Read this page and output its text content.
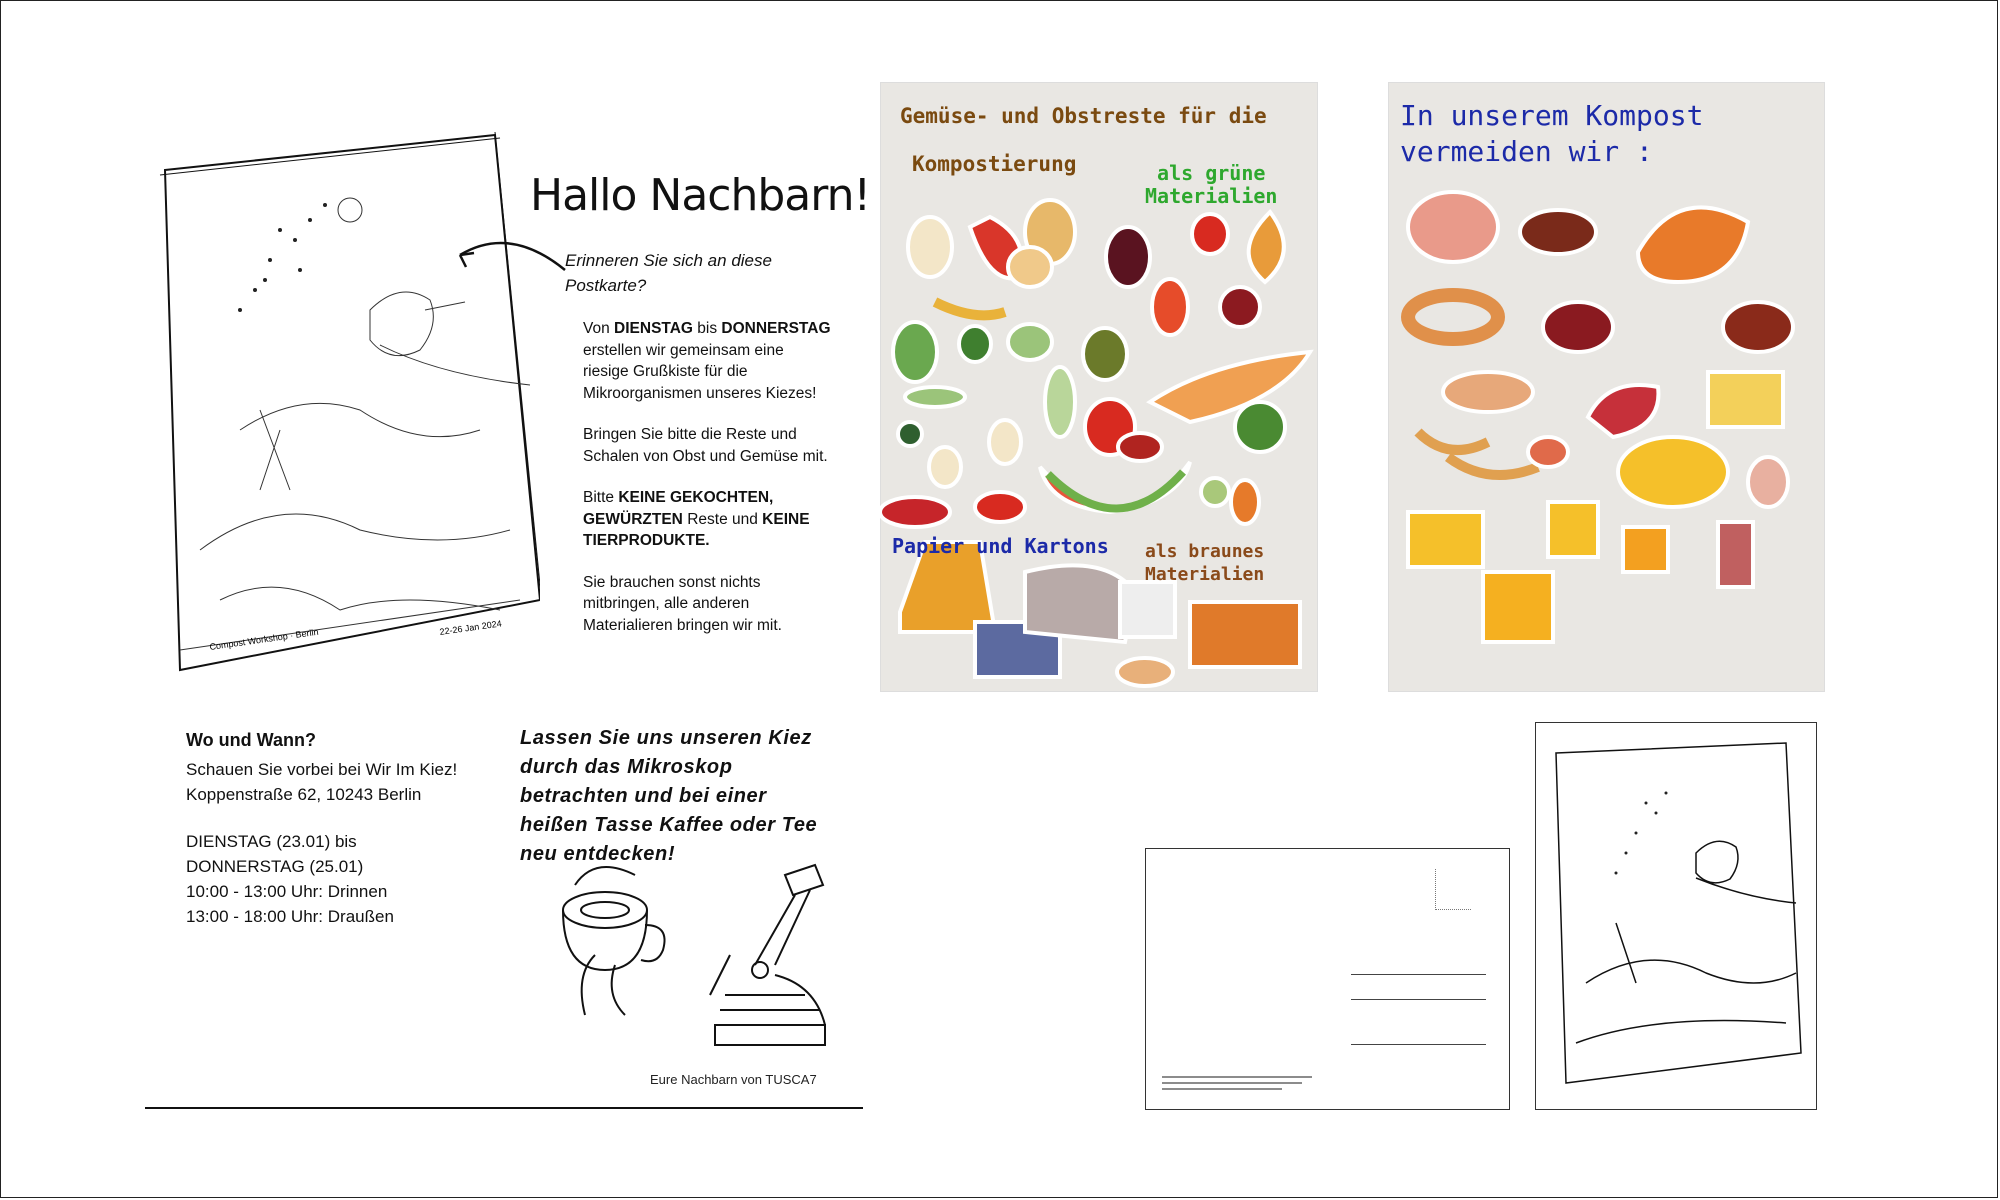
Compost Workshop · Berlin	22-26 Jan 2024
Hallo Nachbarn!
Erinneren Sie sich an diese Postkarte?

Von DIENSTAG bis DONNERSTAG erstellen wir gemeinsam eine riesige Grußkiste für die Mikroorganismen unseres Kiezes!

Bringen Sie bitte die Reste und Schalen von Obst und Gemüse mit.

Bitte KEINE GEKOCHTEN, GEWÜRZTEN Reste und KEINE TIERPRODUKTE.

Sie brauchen sonst nichts mitbringen, alle anderen Materialieren bringen wir mit.

Wo und Wann?
Schauen Sie vorbei bei Wir Im Kiez!
Koppenstraße 62, 10243 Berlin
DIENSTAG (23.01) bis
DONNERSTAG (25.01)
10:00 - 13:00 Uhr: Drinnen
13:00 - 18:00 Uhr: Draußen
Lassen Sie uns unseren Kiez durch das Mikroskop betrachten und bei einer heißen Tasse Kaffee oder Tee neu entdecken!
Eure Nachbarn von TUSCA7
Gemüse- und Obstreste für die
Kompostierung	als grüne
Materialien
Papier und Kartons als braunes
Materialien
In unserem Kompost
vermeiden wir :
